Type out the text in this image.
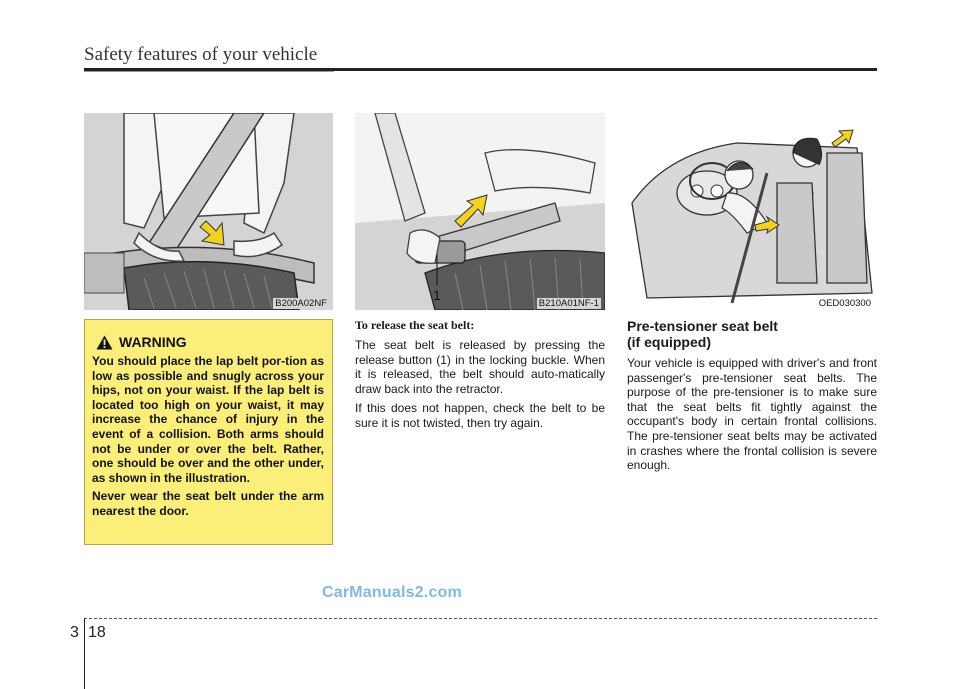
Safety features of your vehicle
B200A02NF
1
B210A01NF-1	OED030300
WARNING

You should place the lap belt por-tion as low as possible and snugly across your hips, not on your waist. If the lap belt is located too high on your waist, it may increase the chance of injury in the event of a collision. Both arms should not be under or over the belt. Rather, one should be over and the other under, as shown in the illustration.

Never wear the seat belt under the arm nearest the door.

To release the seat belt:

The seat belt is released by pressing the release button (1) in the locking buckle. When it is released, the belt should auto-matically draw back into the retractor.

If this does not happen, check the belt to be sure it is not twisted, then try again.

Pre-tensioner seat belt
(if equipped)

Your vehicle is equipped with driver's and front passenger's pre-tensioner seat belts. The purpose of the pre-tensioner is to make sure that the seat belts fit tightly against the occupant's body in certain frontal collisions. The pre-tensioner seat belts may be activated in crashes where the frontal collision is severe enough.

CarManuals2.com
3 18
